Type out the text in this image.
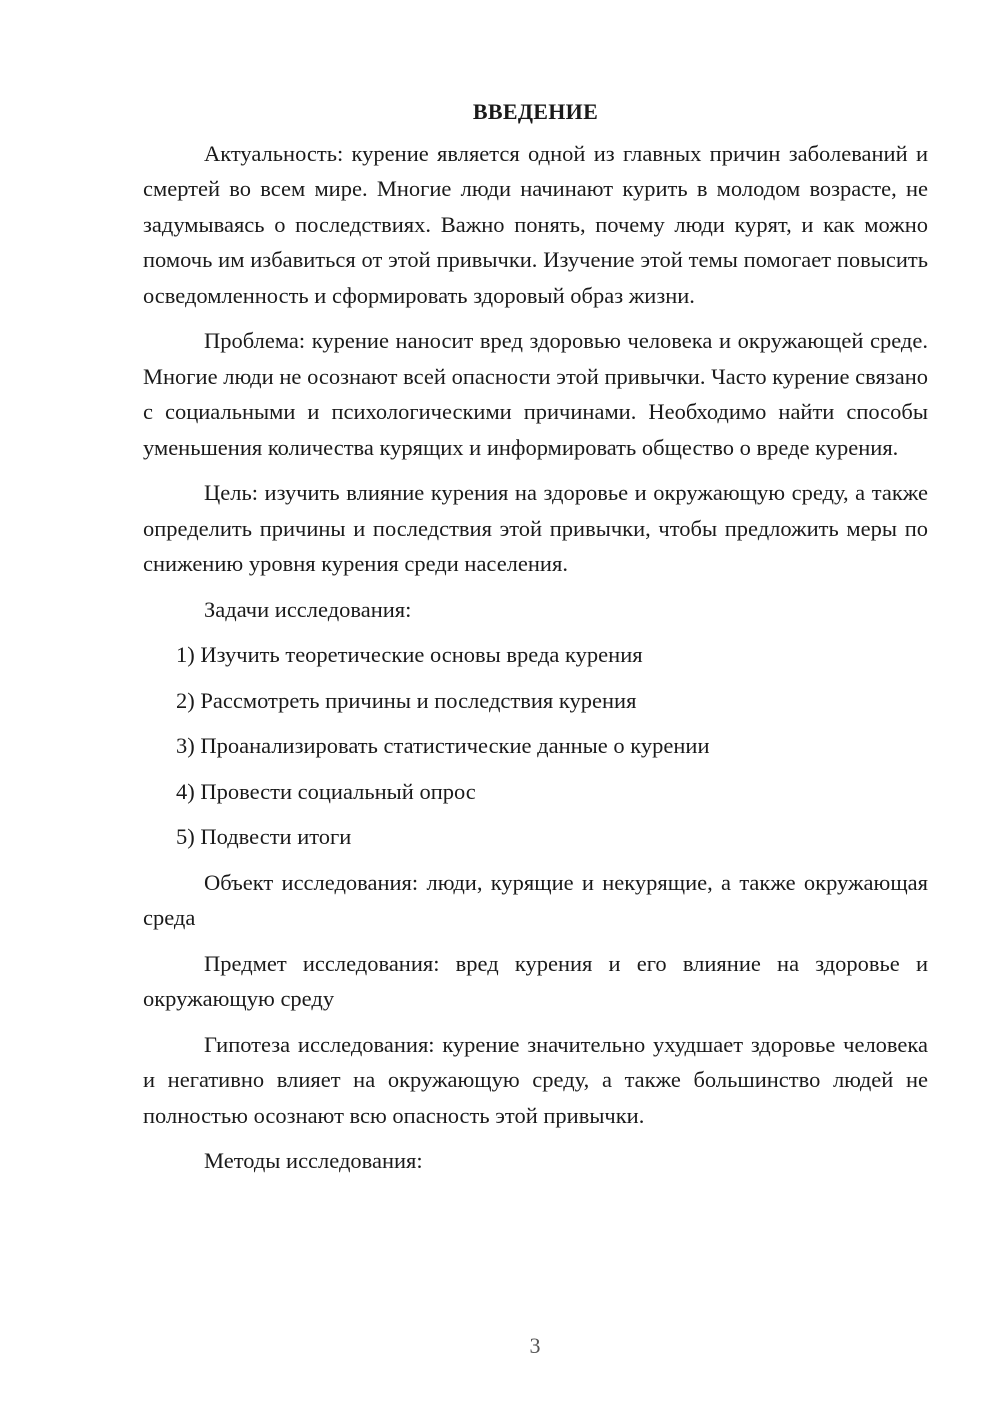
ВВЕДЕНИЕ

Актуальность: курение является одной из главных причин заболеваний и смертей во всем мире. Многие люди начинают курить в молодом возрасте, не задумываясь о последствиях. Важно понять, почему люди курят, и как можно помочь им избавиться от этой привычки. Изучение этой темы помогает повысить осведомленность и сформировать здоровый образ жизни.

Проблема: курение наносит вред здоровью человека и окружающей среде. Многие люди не осознают всей опасности этой привычки. Часто курение связано с социальными и психологическими причинами. Необходимо найти способы уменьшения количества курящих и информировать общество о вреде курения.

Цель: изучить влияние курения на здоровье и окружающую среду, а также определить причины и последствия этой привычки, чтобы предложить меры по снижению уровня курения среди населения.

Задачи исследования:

1) Изучить теоретические основы вреда курения
2) Рассмотреть причины и последствия курения
3) Проанализировать статистические данные о курении
4) Провести социальный опрос
5) Подвести итоги

Объект исследования: люди, курящие и некурящие, а также окружающая среда

Предмет исследования: вред курения и его влияние на здоровье и окружающую среду

Гипотеза исследования: курение значительно ухудшает здоровье человека и негативно влияет на окружающую среду, а также большинство людей не полностью осознают всю опасность этой привычки.

Методы исследования:

3
